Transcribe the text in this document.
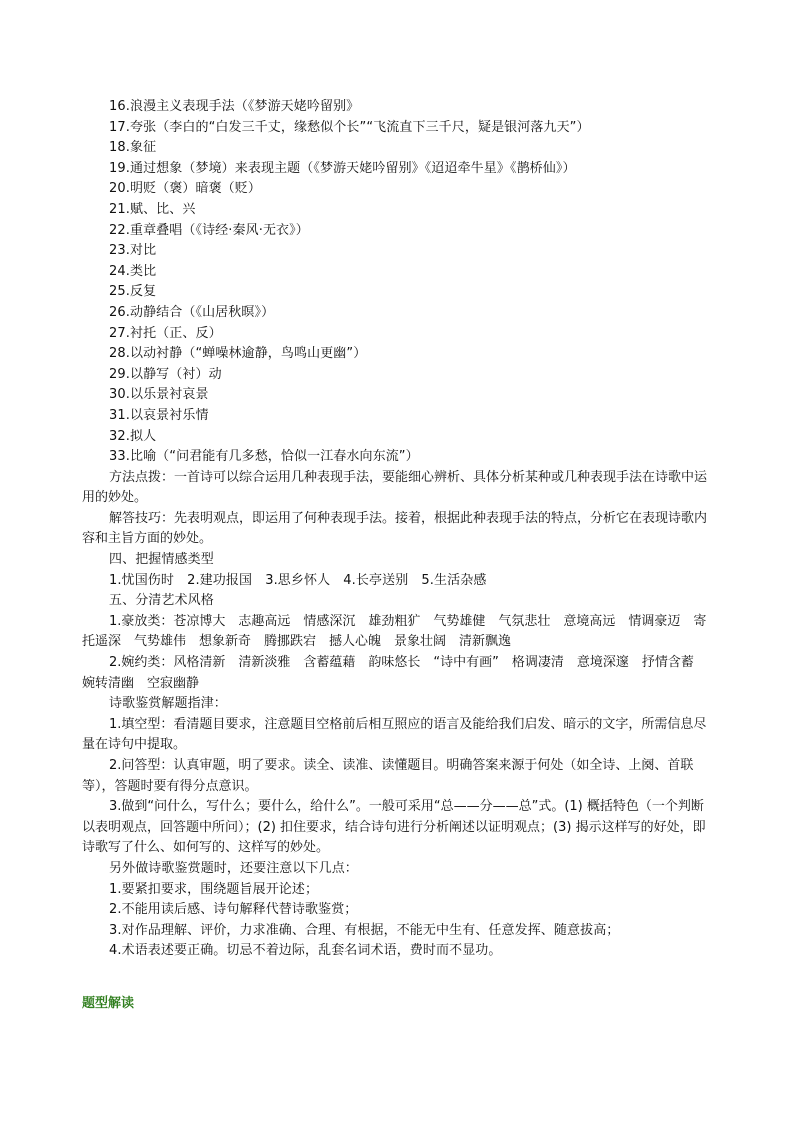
16.浪漫主义表现手法（《梦游天姥吟留别》
17.夸张（李白的“白发三千丈，缘愁似个长”“飞流直下三千尺，疑是银河落九天”）
18.象征
19.通过想象（梦境）来表现主题（《梦游天姥吟留别》《迢迢牵牛星》《鹊桥仙》）
20.明贬（褒）暗褒（贬）
21.赋、比、兴
22.重章叠唱（《诗经·秦风·无衣》）
23.对比
24.类比
25.反复
26.动静结合（《山居秋暝》）
27.衬托（正、反）
28.以动衬静（“蝉噪林逾静，鸟鸣山更幽”）
29.以静写（衬）动
30.以乐景衬哀景
31.以哀景衬乐情
32.拟人
33.比喻（“问君能有几多愁，恰似一江春水向东流”）
方法点拨：一首诗可以综合运用几种表现手法，要能细心辨析、具体分析某种或几种表现手法在诗歌中运用的妙处。
解答技巧：先表明观点，即运用了何种表现手法。接着，根据此种表现手法的特点，分析它在表现诗歌内容和主旨方面的妙处。
四、把握情感类型
1.忧国伤时　2.建功报国　3.思乡怀人　4.长亭送别　5.生活杂感
五、分清艺术风格
1.豪放类：苍凉博大　志趣高远　情感深沉　雄劲粗犷　气势雄健　气氛悲壮　意境高远　情调豪迈　寄托遥深　气势雄伟　想象新奇　腾挪跌宕　撼人心魄　景象壮阔　清新飘逸
2.婉约类：风格清新　清新淡雅　含蓄蕴藉　韵味悠长　“诗中有画”　格调凄清　意境深邃　抒情含蓄　婉转清幽　空寂幽静
诗歌鉴赏解题指津：
1.填空型：看清题目要求，注意题目空格前后相互照应的语言及能给我们启发、暗示的文字，所需信息尽量在诗句中提取。
2.问答型：认真审题，明了要求。读全、读准、读懂题目。明确答案来源于何处（如全诗、上阕、首联等），答题时要有得分点意识。
3.做到“问什么，写什么；要什么，给什么”。一般可采用“总——分——总”式。(1) 概括特色（一个判断以表明观点，回答题中所问）；(2) 扣住要求，结合诗句进行分析阐述以证明观点；(3) 揭示这样写的好处，即诗歌写了什么、如何写的、这样写的妙处。
另外做诗歌鉴赏题时，还要注意以下几点：
1.要紧扣要求，围绕题旨展开论述；
2.不能用读后感、诗句解释代替诗歌鉴赏；
3.对作品理解、评价，力求准确、合理、有根据，不能无中生有、任意发挥、随意拔高；
4.术语表述要正确。切忌不着边际，乱套名词术语，费时而不显功。
题型解读
